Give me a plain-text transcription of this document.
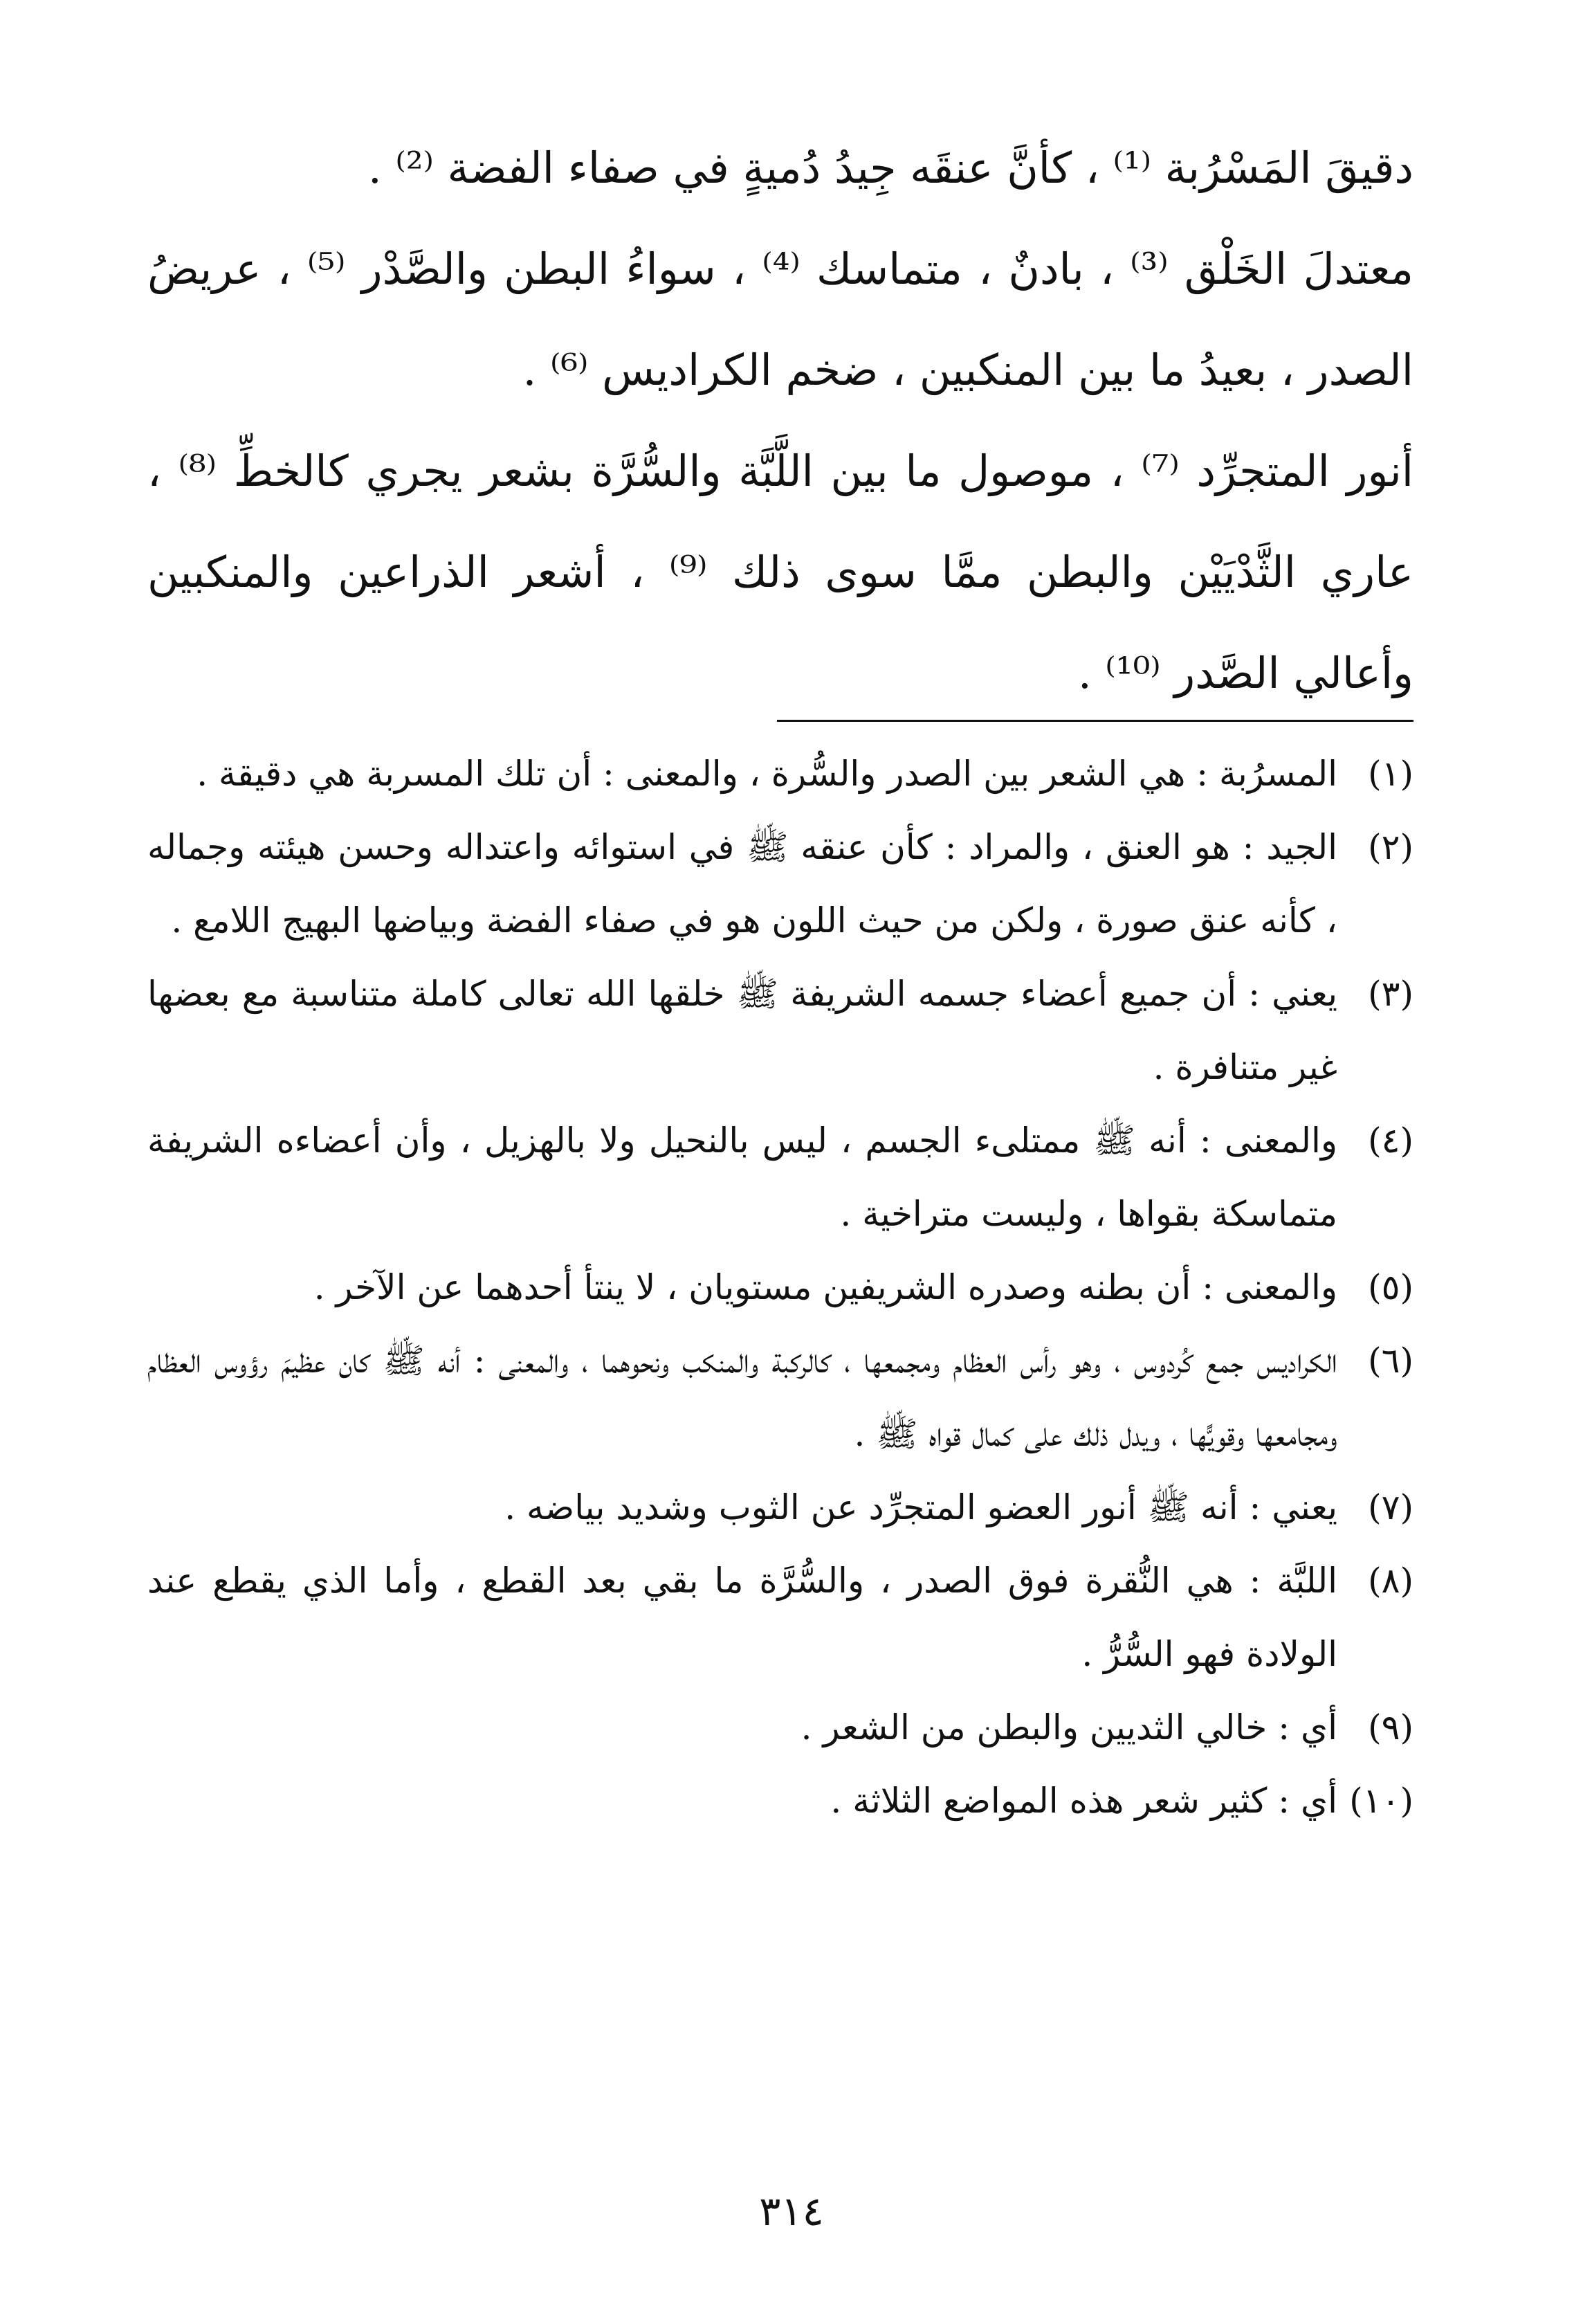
دقيقَ المَسْرُبة ⁽¹⁾ ، كأنَّ عنقَه جِيدُ دُميةٍ في صفاء الفضة ⁽²⁾ .

معتدلَ الخَلْق ⁽³⁾ ، بادنٌ ، متماسك ⁽⁴⁾ ، سواءُ البطن والصَّدْر ⁽⁵⁾ ، عريضُ الصدر ، بعيدُ ما بين المنكبين ، ضخم الكراديس ⁽⁶⁾ .

أنور المتجرِّد ⁽⁷⁾ ، موصول ما بين اللَّبَّة والسُّرَّة بشعر يجري كالخطِّ ⁽⁸⁾ ، عاري الثَّدْيَيْن والبطن ممَّا سوى ذلك ⁽⁹⁾ ، أشعر الذراعين والمنكبين وأعالي الصَّدر ⁽¹⁰⁾ .

(١)
المسرُبة : هي الشعر بين الصدر والسُّرة ، والمعنى : أن تلك المسربة هي دقيقة .
(٢)
الجيد : هو العنق ، والمراد : كأن عنقه ﷺ في استوائه واعتداله وحسن هيئته وجماله ، كأنه عنق صورة ، ولكن من حيث اللون هو في صفاء الفضة وبياضها البهيج اللامع .
(٣)
يعني : أن جميع أعضاء جسمه الشريفة ﷺ خلقها الله تعالى كاملة متناسبة مع بعضها غير متنافرة .
(٤)
والمعنى : أنه ﷺ ممتلىء الجسم ، ليس بالنحيل ولا بالهزيل ، وأن أعضاءه الشريفة متماسكة بقواها ، وليست متراخية .
(٥)
والمعنى : أن بطنه وصدره الشريفين مستويان ، لا ينتأ أحدهما عن الآخر .
(٦)
الكراديس جمع كُردوس ، وهو رأس العظام ومجمعها ، كالركبة والمنكب ونحوهما ، والمعنى : أنه ﷺ كان عظيمَ رؤوس العظام ومجامعها وقويًّها ، ويدل ذلك على كمال قواه ﷺ .
(٧)
يعني : أنه ﷺ أنور العضو المتجرِّد عن الثوب وشديد بياضه .
(٨)
اللبَّة : هي النُّقرة فوق الصدر ، والسُّرَّة ما بقي بعد القطع ، وأما الذي يقطع عند الولادة فهو السُّرُّ .
(٩)
أي : خالي الثديين والبطن من الشعر .
(١٠)
أي : كثير شعر هذه المواضع الثلاثة .
٣١٤
